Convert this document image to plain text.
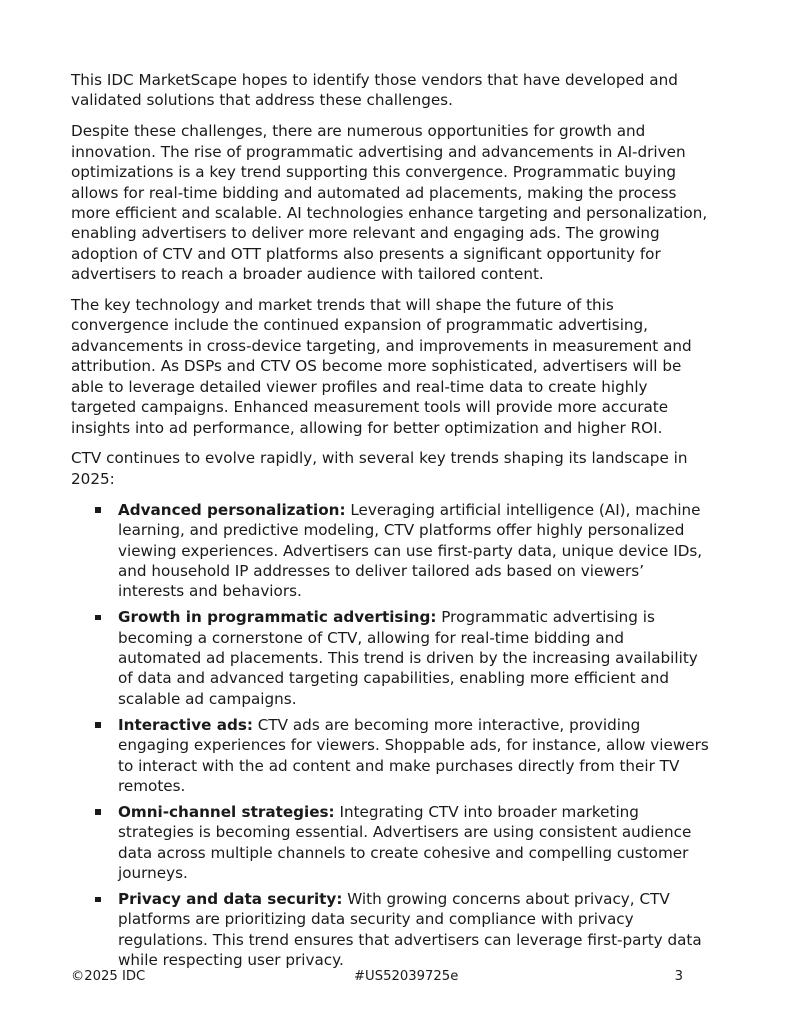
This IDC MarketScape hopes to identify those vendors that have developed and validated solutions that address these challenges.

Despite these challenges, there are numerous opportunities for growth and innovation. The rise of programmatic advertising and advancements in AI-driven optimizations is a key trend supporting this convergence. Programmatic buying allows for real-time bidding and automated ad placements, making the process more efficient and scalable. AI technologies enhance targeting and personalization, enabling advertisers to deliver more relevant and engaging ads. The growing adoption of CTV and OTT platforms also presents a significant opportunity for advertisers to reach a broader audience with tailored content.

The key technology and market trends that will shape the future of this convergence include the continued expansion of programmatic advertising, advancements in cross-device targeting, and improvements in measurement and attribution. As DSPs and CTV OS become more sophisticated, advertisers will be able to leverage detailed viewer profiles and real-time data to create highly targeted campaigns. Enhanced measurement tools will provide more accurate insights into ad performance, allowing for better optimization and higher ROI.

CTV continues to evolve rapidly, with several key trends shaping its landscape in 2025:

Advanced personalization: Leveraging artificial intelligence (AI), machine learning, and predictive modeling, CTV platforms offer highly personalized viewing experiences. Advertisers can use first-party data, unique device IDs, and household IP addresses to deliver tailored ads based on viewers’ interests and behaviors.
Growth in programmatic advertising: Programmatic advertising is becoming a cornerstone of CTV, allowing for real-time bidding and automated ad placements. This trend is driven by the increasing availability of data and advanced targeting capabilities, enabling more efficient and scalable ad campaigns.
Interactive ads: CTV ads are becoming more interactive, providing engaging experiences for viewers. Shoppable ads, for instance, allow viewers to interact with the ad content and make purchases directly from their TV remotes.
Omni-channel strategies: Integrating CTV into broader marketing strategies is becoming essential. Advertisers are using consistent audience data across multiple channels to create cohesive and compelling customer journeys.
Privacy and data security: With growing concerns about privacy, CTV platforms are prioritizing data security and compliance with privacy regulations. This trend ensures that advertisers can leverage first-party data while respecting user privacy.
©2025 IDC	#US52039725e	3
